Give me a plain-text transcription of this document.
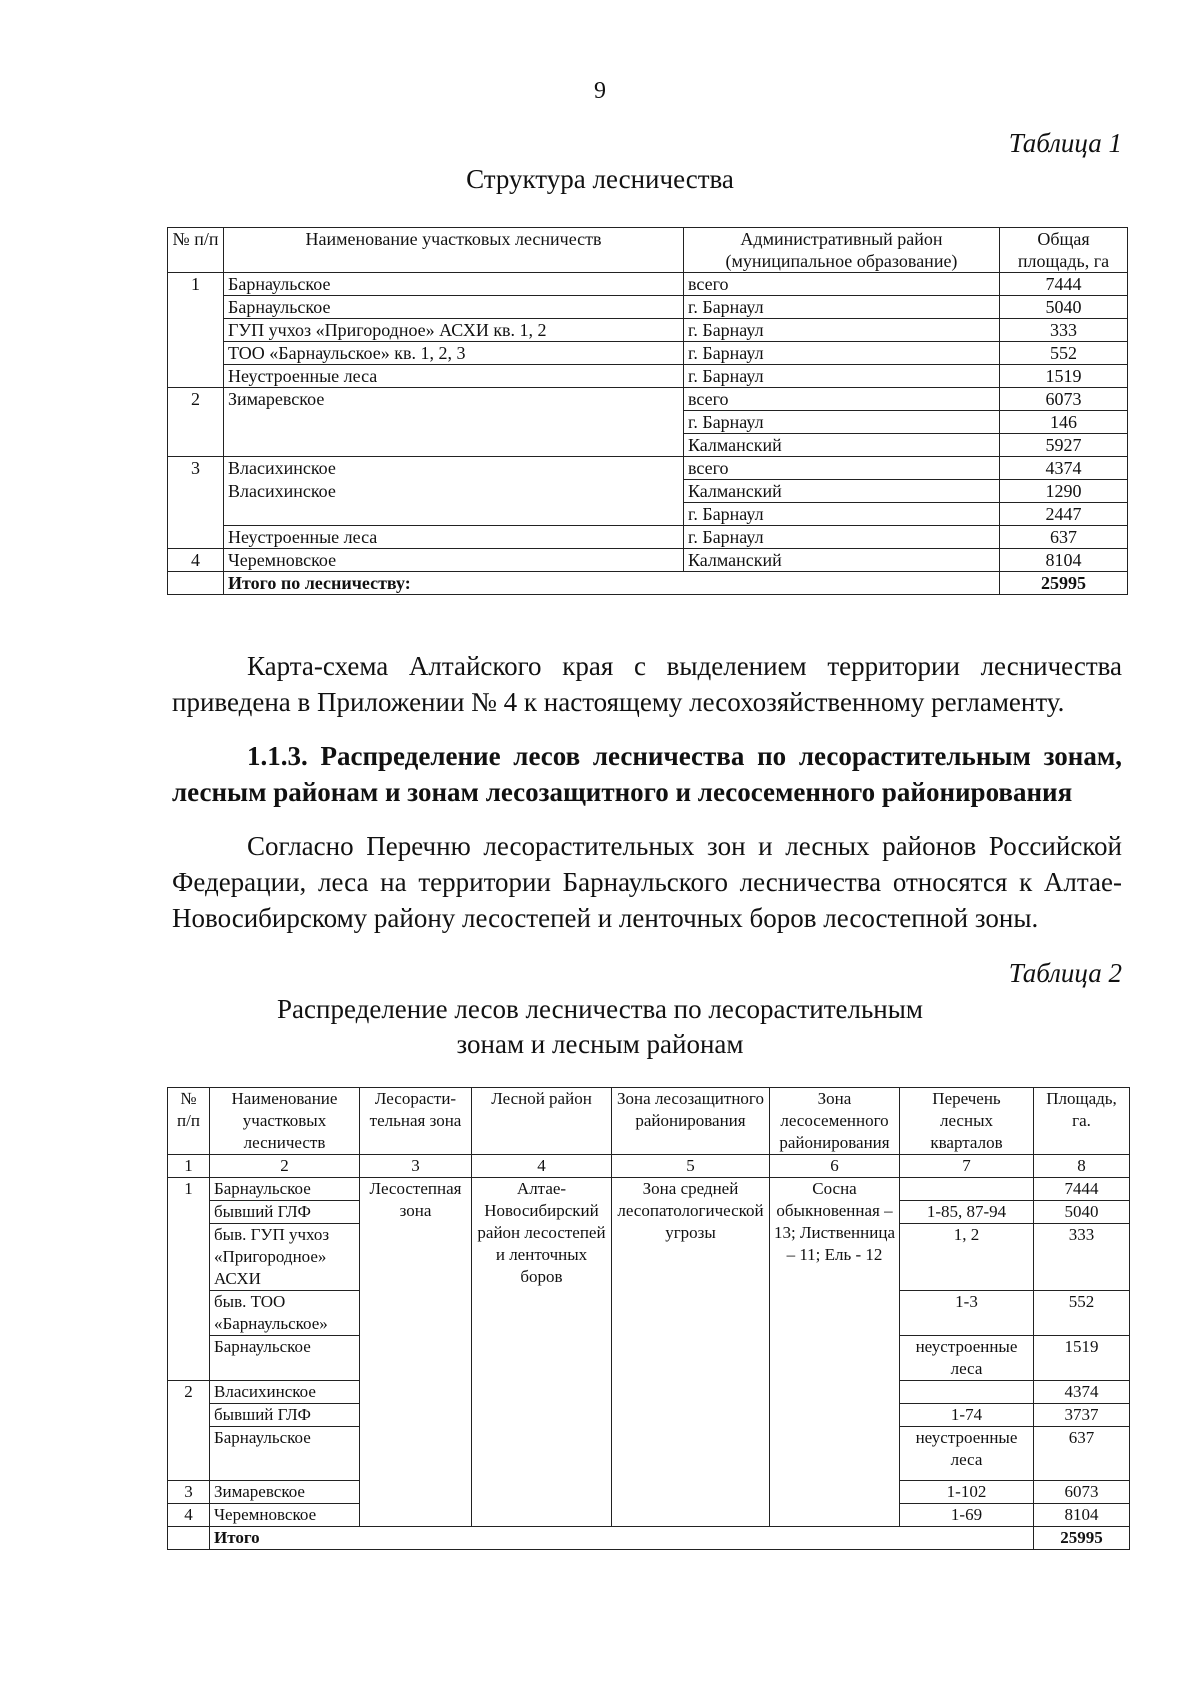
9
Таблица 1
Структура лесничества
№ п/п	Наименование участковых лесничеств	Административный район (муниципальное образование)	Общая площадь, га
1	Барнаульское	всего	7444
	Барнаульское	г. Барнаул	5040
	ГУП учхоз «Пригородное» АСХИ кв. 1, 2	г. Барнаул	333
	ТОО «Барнаульское» кв. 1, 2, 3	г. Барнаул	552
	Неустроенные леса	г. Барнаул	1519
2	Зимаревское	всего	6073
		г. Барнаул	146
		Калманский	5927
3	Власихинское	всего	4374
	Власихинское	Калманский	1290
		г. Барнаул	2447
	Неустроенные леса	г. Барнаул	637
4	Черемновское	Калманский	8104
	Итого по лесничеству:		25995
Карта-схема Алтайского края с выделением территории лесничества
приведена в Приложении № 4 к настоящему лесохозяйственному регламенту.
1.1.3. Распределение лесов лесничества по лесорастительным зонам,
лесным районам и зонам лесозащитного и лесосеменного районирования
Согласно Перечню лесорастительных зон и лесных районов Российской
Федерации, леса на территории Барнаульского лесничества относятся к Алтае-
Новосибирскому району лесостепей и ленточных боров лесостепной зоны.
Таблица 2
Распределение лесов лесничества по лесорастительным
зонам и лесным районам
№ п/п	Наименование участковых лесничеств	Лесорасти-тельная зона	Лесной район	Зона лесозащитного районирования	Зона лесосеменного районирования	Перечень лесных кварталов	Площадь, га.
1	2	3	4	5	6	7	8
1	Барнаульское	Лесостепная зона	Алтае-Новосибирский район лесостепей и ленточных боров	Зона средней лесопатологической угрозы	Сосна обыкновенная – 13; Лиственница – 11; Ель - 12		7444
	бывший ГЛФ					1-85, 87-94	5040
	быв. ГУП учхоз «Пригородное» АСХИ					1, 2	333
	быв. ТОО «Барнаульское»					1-3	552
	Барнаульское					неустроенные леса	1519
2	Власихинское						4374
	бывший ГЛФ					1-74	3737
	Барнаульское					неустроенные леса	637
3	Зимаревское					1-102	6073
4	Черемновское					1-69	8104
	Итого						25995
